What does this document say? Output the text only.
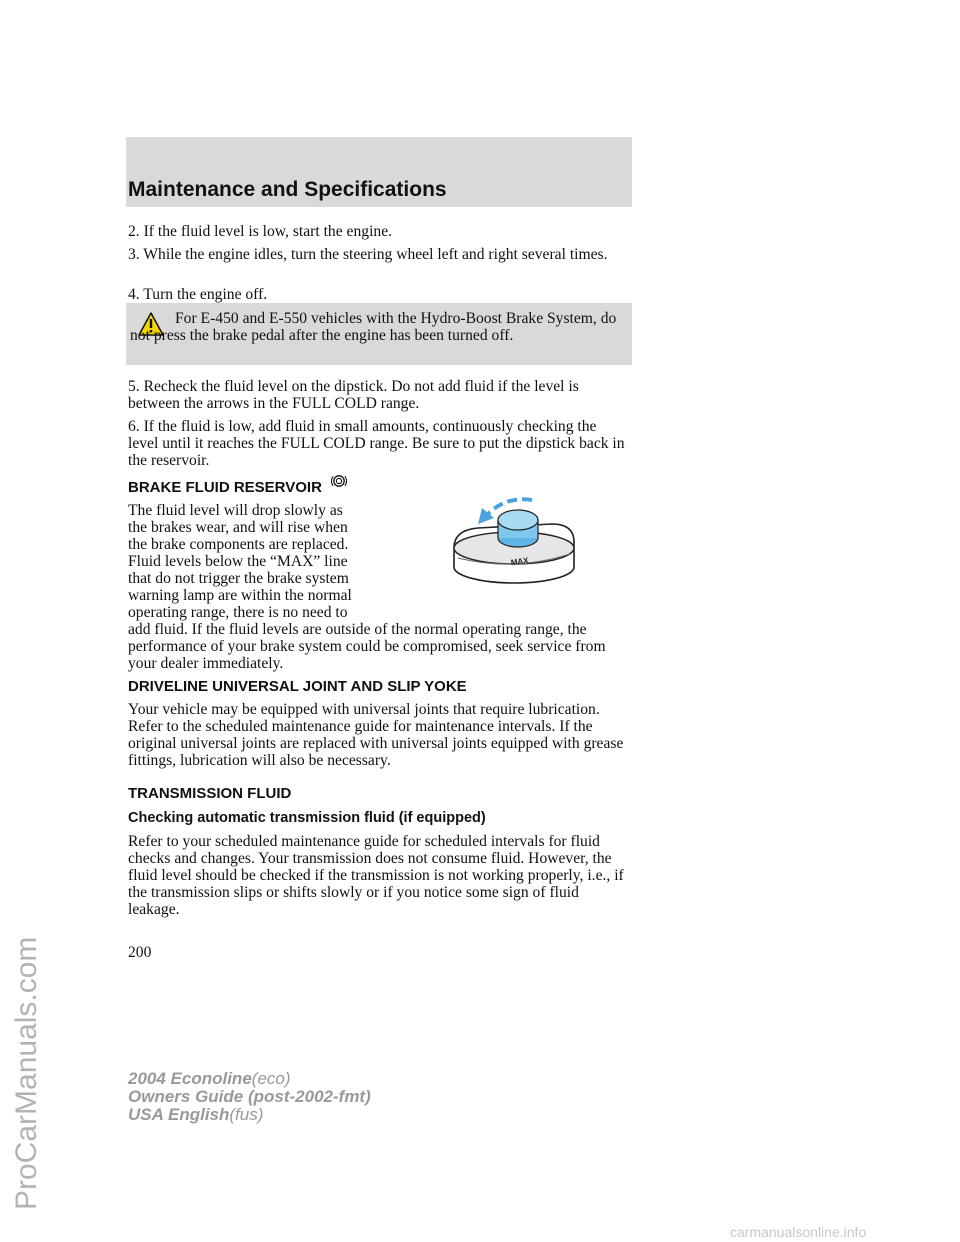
Maintenance and Specifications

2. If the fluid level is low, start the engine.

3. While the engine idles, turn the steering wheel left and right several times.

4. Turn the engine off.

For E-450 and E-550 vehicles with the Hydro-Boost Brake System, do not press the brake pedal after the engine has been turned off.

5. Recheck the fluid level on the dipstick. Do not add fluid if the level is between the arrows in the FULL COLD range.

6. If the fluid is low, add fluid in small amounts, continuously checking the level until it reaches the FULL COLD range. Be sure to put the dipstick back in the reservoir.

BRAKE FLUID RESERVOIR
The fluid level will drop slowly as
the brakes wear, and will rise when
the brake components are replaced.
Fluid levels below the “MAX” line
that do not trigger the brake system
warning lamp are within the normal
operating range, there is no need to

add fluid. If the fluid levels are outside of the normal operating range, the performance of your brake system could be compromised, seek service from your dealer immediately.

MAX
DRIVELINE UNIVERSAL JOINT AND SLIP YOKE

Your vehicle may be equipped with universal joints that require lubrication. Refer to the scheduled maintenance guide for maintenance intervals. If the original universal joints are replaced with universal joints equipped with grease fittings, lubrication will also be necessary.

TRANSMISSION FLUID
Checking automatic transmission fluid (if equipped)

Refer to your scheduled maintenance guide for scheduled intervals for fluid checks and changes. Your transmission does not consume fluid. However, the fluid level should be checked if the transmission is not working properly, i.e., if the transmission slips or shifts slowly or if you notice some sign of fluid leakage.

200
2004 Econoline(eco)
Owners Guide (post-2002-fmt)
USA English(fus)
ProCarManuals.com
carmanualsonline.info
